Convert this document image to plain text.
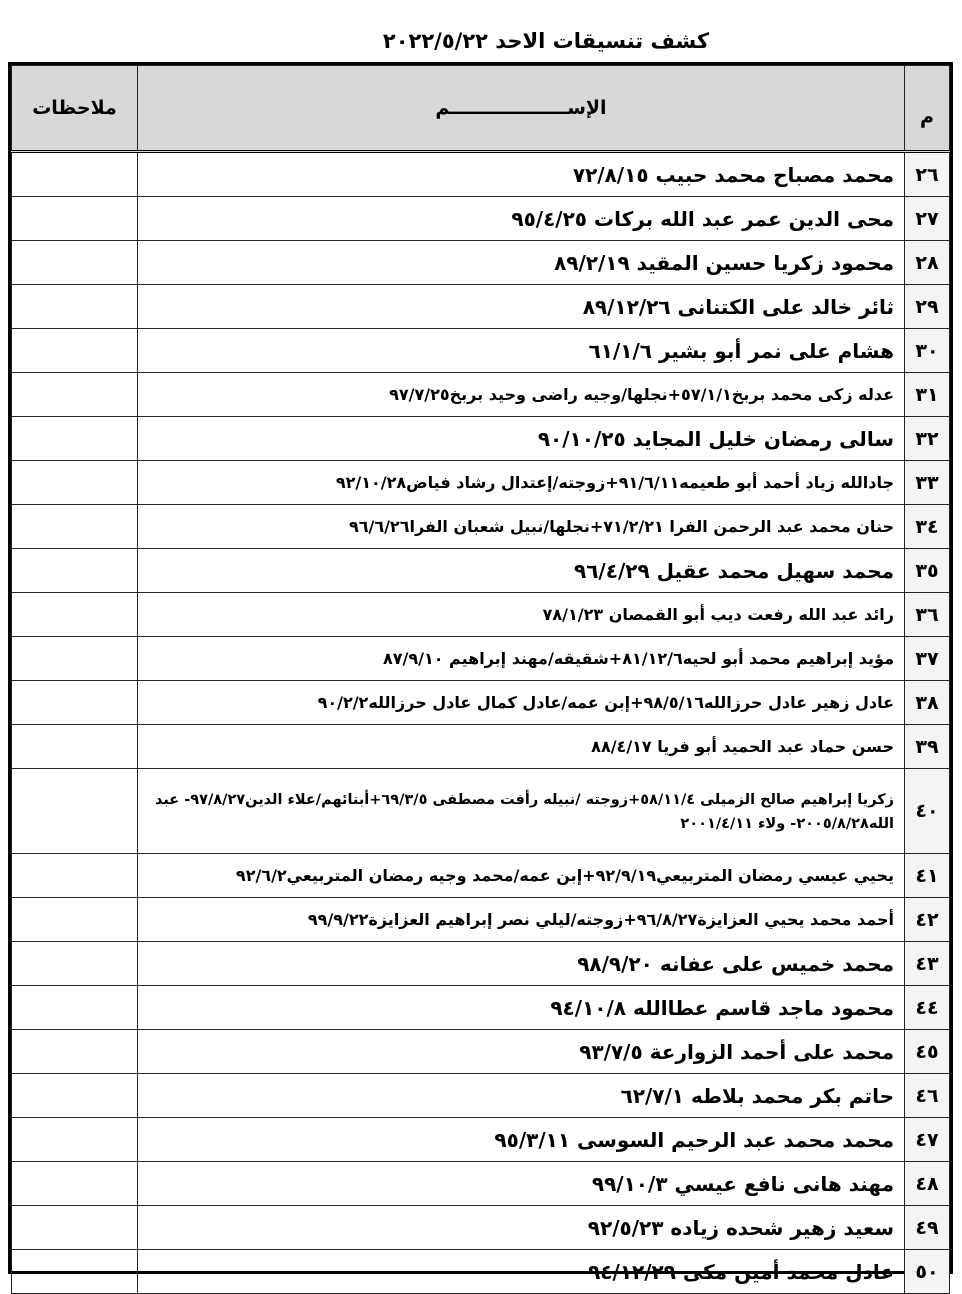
كشف تنسيقات الاحد ٢٠٢٢/٥/٢٢
م	الإســــــــــــــــــم	ملاحظات
٢٦	محمد مصباح محمد حبيب ٧٢/٨/١٥	
٢٧	محى الدين عمر عبد الله بركات ٩٥/٤/٢٥	
٢٨	محمود زكريا حسين المقيد ٨٩/٢/١٩	
٢٩	ثائر خالد على الكتنانى ٨٩/١٢/٢٦	
٣٠	هشام على نمر أبو بشير ٦١/١/٦	
٣١	عدله زكى محمد بربخ٥٧/١/١+نجلها/وجيه راضى وحيد بربخ٩٧/٧/٢٥	
٣٢	سالى رمضان خليل المجايد ٩٠/١٠/٢٥	
٣٣	جادالله زياد أحمد أبو طعيمه٩١/٦/١١+زوجته/إعتدال رشاد فياض٩٢/١٠/٢٨	
٣٤	حنان محمد عبد الرحمن الفرا ٧١/٢/٢١+نجلها/نبيل شعبان الفرا٩٦/٦/٢٦	
٣٥	محمد سهيل محمد عقيل ٩٦/٤/٢٩	
٣٦	رائد عبد الله رفعت ديب أبو القمصان ٧٨/١/٢٣	
٣٧	مؤيد إبراهيم محمد أبو لحيه٨١/١٢/٦+شقيقه/مهند إبراهيم ٨٧/٩/١٠	
٣٨	عادل زهير عادل حرزالله٩٨/٥/١٦+إبن عمه/عادل كمال عادل حرزالله٩٠/٢/٢	
٣٩	حسن حماد عبد الحميد أبو فريا ٨٨/٤/١٧	
٤٠	زكريا إبراهيم صالح الزميلى ٥٨/١١/٤+زوجته /نبيله رأفت مصطفى ٦٩/٣/٥+أبنائهم/علاء الدين٩٧/٨/٢٧- عبد الله٢٠٠٥/٨/٢٨- ولاء ٢٠٠١/٤/١١	
٤١	يحيي عيسي رمضان المتربيعي٩٢/٩/١٩+إبن عمه/محمد وجيه رمضان المتربيعي٩٢/٦/٢	
٤٢	أحمد محمد يحيي العزايزة٩٦/٨/٢٧+زوجته/ليلي نصر إبراهيم العزايزة٩٩/٩/٢٢	
٤٣	محمد خميس على عفانه ٩٨/٩/٢٠	
٤٤	محمود ماجد قاسم عطاالله ٩٤/١٠/٨	
٤٥	محمد على أحمد الزوارعة ٩٣/٧/٥	
٤٦	حاتم بكر محمد بلاطه ٦٢/٧/١	
٤٧	محمد محمد عبد الرحيم السوسى ٩٥/٣/١١	
٤٨	مهند هانى نافع عيسي ٩٩/١٠/٣	
٤٩	سعيد زهير شحده زياده ٩٢/٥/٢٣	
٥٠	عادل محمد أمين مكى ٩٤/١٢/٢٩	
